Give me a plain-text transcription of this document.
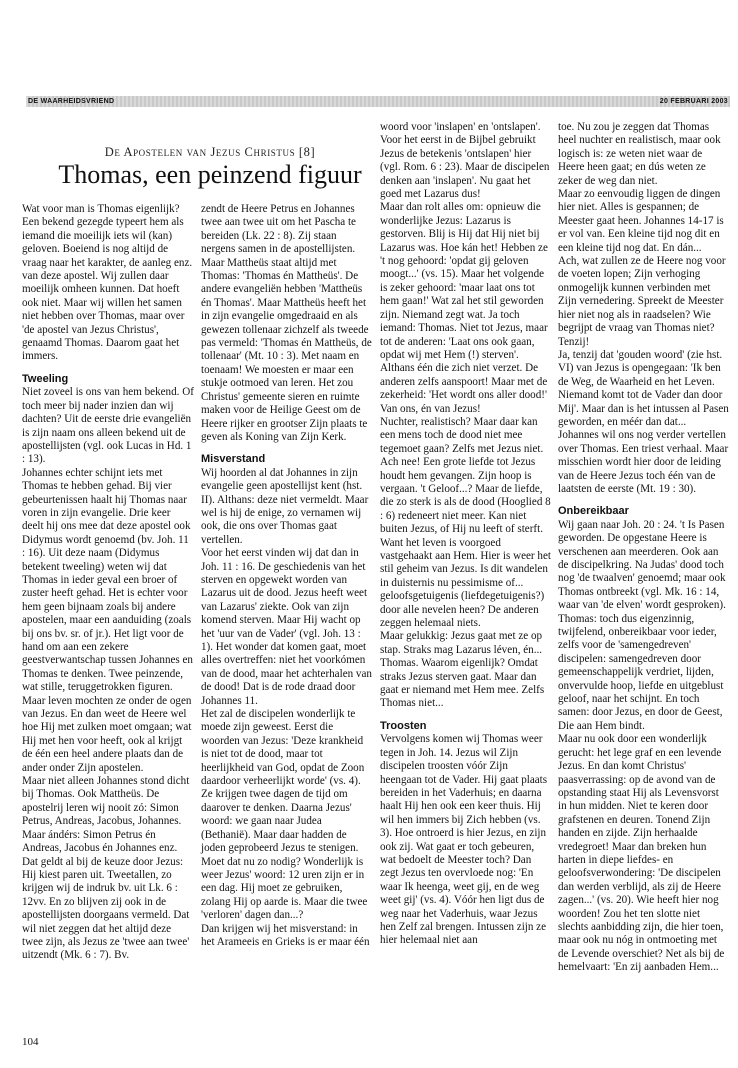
DE WAARHEIDSVRIEND	20 FEBRUARI 2003
De Apostelen van Jezus Christus [8]
Thomas, een peinzend figuur

Wat voor man is Thomas eigenlijk? Een bekend gezegde typeert hem als iemand die moeilijk iets wil (kan) geloven. Boeiend is nog altijd de vraag naar het karakter, de aanleg enz. van deze apostel. Wij zullen daar moeilijk omheen kunnen. Dat hoeft ook niet. Maar wij willen het samen niet hebben over Thomas, maar over 'de apostel van Jezus Christus', genaamd Thomas. Daarom gaat het immers.

Tweeling

Niet zoveel is ons van hem bekend. Of toch meer bij nader inzien dan wij dachten? Uit de eerste drie evangeliën is zijn naam ons alleen bekend uit de apostellijsten (vgl. ook Lucas in Hd. 1 : 13).

Johannes echter schijnt iets met Thomas te hebben gehad. Bij vier gebeurtenissen haalt hij Thomas naar voren in zijn evangelie. Drie keer deelt hij ons mee dat deze apostel ook Didymus wordt genoemd (bv. Joh. 11 : 16). Uit deze naam (Didymus betekent tweeling) weten wij dat Thomas in ieder geval een broer of zuster heeft gehad. Het is echter voor hem geen bijnaam zoals bij andere apostelen, maar een aanduiding (zoals bij ons bv. sr. of jr.). Het ligt voor de hand om aan een zekere geestverwantschap tussen Johannes en Thomas te denken. Twee peinzende, wat stille, teruggetrokken figuren. Maar leven mochten ze onder de ogen van Jezus. En dan weet de Heere wel hoe Hij met zulken moet omgaan; wat Hij met hen voor heeft, ook al krijgt de één een heel andere plaats dan de ander onder Zijn apostelen.

Maar niet alleen Johannes stond dicht bij Thomas. Ook Mattheüs. De apostelrij leren wij nooit zó: Simon Petrus, Andreas, Jacobus, Johannes. Maar ándérs: Simon Petrus én Andreas, Jacobus én Johannes enz. Dat geldt al bij de keuze door Jezus: Hij kiest paren uit. Tweetallen, zo krijgen wij de indruk bv. uit Lk. 6 : 12vv. En zo blijven zij ook in de apostellijsten doorgaans vermeld. Dat wil niet zeggen dat het altijd deze twee zijn, als Jezus ze 'twee aan twee' uitzendt (Mk. 6 : 7). Bv.

zendt de Heere Petrus en Johannes twee aan twee uit om het Pascha te bereiden (Lk. 22 : 8). Zij staan nergens samen in de apostellijsten. Maar Mattheüs staat altijd met Thomas: 'Thomas én Mattheüs'. De andere evangeliën hebben 'Mattheüs én Thomas'. Maar Mattheüs heeft het in zijn evangelie omgedraaid en als gewezen tollenaar zichzelf als tweede pas vermeld: 'Thomas én Mattheüs, de tollenaar' (Mt. 10 : 3). Met naam en toenaam! We moesten er maar een stukje ootmoed van leren. Het zou Christus' gemeente sieren en ruimte maken voor de Heilige Geest om de Heere rijker en grootser Zijn plaats te geven als Koning van Zijn Kerk.

Misverstand

Wij hoorden al dat Johannes in zijn evangelie geen apostellijst kent (hst. II). Althans: deze niet vermeldt. Maar wel is hij de enige, zo vernamen wij ook, die ons over Thomas gaat vertellen.

Voor het eerst vinden wij dat dan in Joh. 11 : 16. De geschiedenis van het sterven en opgewekt worden van Lazarus uit de dood. Jezus heeft weet van Lazarus' ziekte. Ook van zijn komend sterven. Maar Hij wacht op het 'uur van de Vader' (vgl. Joh. 13 : 1). Het wonder dat komen gaat, moet alles overtreffen: niet het voorkómen van de dood, maar het achterhalen van de dood! Dat is de rode draad door Johannes 11.

Het zal de discipelen wonderlijk te moede zijn geweest. Eerst die woorden van Jezus: 'Deze krankheid is niet tot de dood, maar tot heerlijkheid van God, opdat de Zoon daardoor verheerlijkt worde' (vs. 4). Ze krijgen twee dagen de tijd om daarover te denken. Daarna Jezus' woord: we gaan naar Judea (Bethanië). Maar daar hadden de joden geprobeerd Jezus te stenigen. Moet dat nu zo nodig? Wonderlijk is weer Jezus' woord: 12 uren zijn er in een dag. Hij moet ze gebruiken, zolang Hij op aarde is. Maar die twee 'verloren' dagen dan...?

Dan krijgen wij het misverstand: in het Arameeis en Grieks is er maar één

woord voor 'inslapen' en 'ontslapen'. Voor het eerst in de Bijbel gebruikt Jezus de betekenis 'ontslapen' hier (vgl. Rom. 6 : 23). Maar de discipelen denken aan 'inslapen'. Nu gaat het goed met Lazarus dus!

Maar dan rolt alles om: opnieuw die wonderlijke Jezus: Lazarus is gestorven. Blij is Hij dat Hij niet bij Lazarus was. Hoe kán het! Hebben ze 't nog gehoord: 'opdat gij geloven moogt...' (vs. 15). Maar het volgende is zeker gehoord: 'maar laat ons tot hem gaan!' Wat zal het stil geworden zijn. Niemand zegt wat. Ja toch iemand: Thomas. Niet tot Jezus, maar tot de anderen: 'Laat ons ook gaan, opdat wij met Hem (!) sterven'.

Althans één die zich niet verzet. De anderen zelfs aanspoort! Maar met de zekerheid: 'Het wordt ons aller dood!' Van ons, én van Jezus!

Nuchter, realistisch? Maar daar kan een mens toch de dood niet mee tegemoet gaan? Zelfs met Jezus niet.

Ach nee! Een grote liefde tot Jezus houdt hem gevangen. Zijn hoop is vergaan. 't Geloof...? Maar de liefde, die zo sterk is als de dood (Hooglied 8 : 6) redeneert niet meer. Kan niet buiten Jezus, of Hij nu leeft of sterft. Want het leven is voorgoed vastgehaakt aan Hem. Hier is weer het stil geheim van Jezus. Is dit wandelen in duisternis nu pessimisme of... geloofsgetuigenis (liefdegetuigenis?) door alle nevelen heen? De anderen zeggen helemaal niets.

Maar gelukkig: Jezus gaat met ze op stap. Straks mag Lazarus léven, én... Thomas. Waarom eigenlijk? Omdat straks Jezus sterven gaat. Maar dan gaat er niemand met Hem mee. Zelfs Thomas niet...

Troosten

Vervolgens komen wij Thomas weer tegen in Joh. 14. Jezus wil Zijn discipelen troosten vóór Zijn heengaan tot de Vader. Hij gaat plaats bereiden in het Vaderhuis; en daarna haalt Hij hen ook een keer thuis. Hij wil hen immers bij Zich hebben (vs. 3). Hoe ontroerd is hier Jezus, en zijn ook zij. Wat gaat er toch gebeuren, wat bedoelt de Meester toch? Dan zegt Jezus ten overvloede nog: 'En waar Ik heenga, weet gij, en de weg weet gij' (vs. 4). Vóór hen ligt dus de weg naar het Vaderhuis, waar Jezus hen Zelf zal brengen. Intussen zijn ze hier helemaal niet aan

toe. Nu zou je zeggen dat Thomas heel nuchter en realistisch, maar ook logisch is: ze weten niet waar de Heere heen gaat; en dús weten ze zeker de weg dan niet.

Maar zo eenvoudig liggen de dingen hier niet. Alles is gespannen; de Meester gaat heen. Johannes 14-17 is er vol van. Een kleine tijd nog dit en een kleine tijd nog dat. En dán...

Ach, wat zullen ze de Heere nog voor de voeten lopen; Zijn verhoging onmogelijk kunnen verbinden met Zijn vernedering. Spreekt de Meester hier niet nog als in raadselen? Wie begrijpt de vraag van Thomas niet? Tenzij!

Ja, tenzij dat 'gouden woord' (zie hst. VI) van Jezus is opengegaan: 'Ik ben de Weg, de Waarheid en het Leven. Niemand komt tot de Vader dan door Mij'. Maar dan is het intussen al Pasen geworden, en méér dan dat...

Johannes wil ons nog verder vertellen over Thomas. Een triest verhaal. Maar misschien wordt hier door de leiding van de Heere Jezus toch één van de laatsten de eerste (Mt. 19 : 30).

Onbereikbaar

Wij gaan naar Joh. 20 : 24. 't Is Pasen geworden. De opgestane Heere is verschenen aan meerderen. Ook aan de discipelkring. Na Judas' dood toch nog 'de twaalven' genoemd; maar ook Thomas ontbreekt (vgl. Mk. 16 : 14, waar van 'de elven' wordt gesproken). Thomas: toch dus eigenzinnig, twijfelend, onbereikbaar voor ieder, zelfs voor de 'samengedreven' discipelen: samengedreven door gemeenschappelijk verdriet, lijden, onvervulde hoop, liefde en uitgeblust geloof, naar het schijnt. En toch samen: door Jezus, en door de Geest, Die aan Hem bindt.

Maar nu ook door een wonderlijk gerucht: het lege graf en een levende Jezus. En dan komt Christus' paasverrassing: op de avond van de opstanding staat Hij als Levensvorst in hun midden. Niet te keren door grafstenen en deuren. Tonend Zijn handen en zijde. Zijn herhaalde vredegroet! Maar dan breken hun harten in diepe liefdes- en geloofsverwondering: 'De discipelen dan werden verblijd, als zij de Heere zagen...' (vs. 20). Wie heeft hier nog woorden! Zou het ten slotte niet slechts aanbidding zijn, die hier toen, maar ook nu nóg in ontmoeting met de Levende overschiet? Net als bij de hemelvaart: 'En zij aanbaden Hem...

104
